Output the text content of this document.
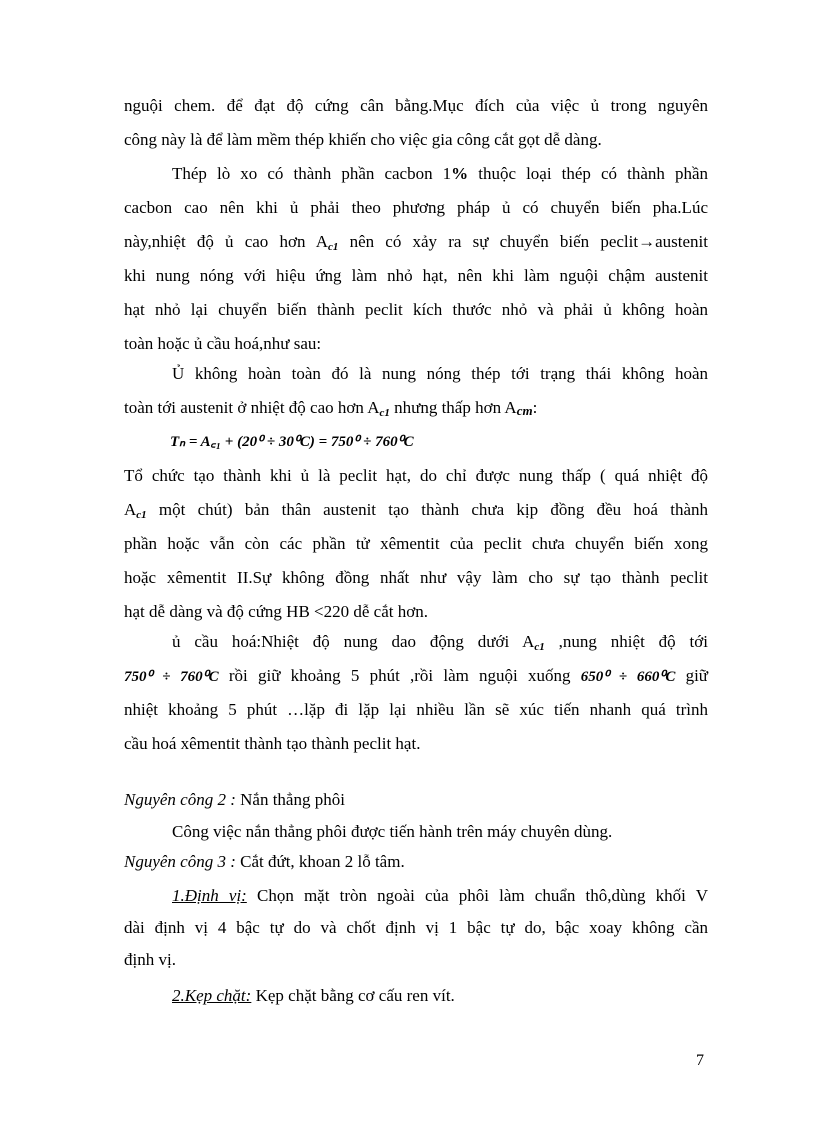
nguội chem. để đạt độ cứng cân bằng.Mục đích của việc ủ trong nguyên
công này là để làm mềm thép khiến cho việc gia công cắt gọt dễ dàng.
Thép lò xo có thành phần cacbon 1% thuộc loại thép có thành phần
cacbon cao nên khi ủ phải theo phương pháp ủ có chuyển biến pha.Lúc
này,nhiệt độ ủ cao hơn $A_{c1}$ nên có xảy ra sự chuyển biến peclit→austenit
khi nung nóng với hiệu ứng làm nhỏ hạt, nên khi làm nguội chậm austenit
hạt nhỏ lại chuyển biến thành peclit kích thước nhỏ và phải ủ không hoàn
toàn hoặc ủ cầu hoá,như sau:
Ủ không hoàn toàn đó là nung nóng thép tới trạng thái không hoàn
toàn tới austenit ở nhiệt độ cao hơn $A_{c1}$ nhưng thấp hơn Acm:
Tₙ = A꜀₁ + (20⁰ ÷ 30⁰C) = 750⁰ ÷ 760⁰C
Tổ chức tạo thành khi ủ là peclit hạt, do chỉ được nung thấp ( quá nhiệt độ
$A_{c1}$ một chút) bản thân austenit tạo thành chưa kịp đồng đều hoá thành
phần hoặc vẫn còn các phần tử xêmentit của peclit chưa chuyển biến xong
hoặc xêmentit II.Sự không đồng nhất như vậy làm cho sự tạo thành peclit
hạt dễ dàng và độ cứng HB <220 dễ cắt hơn.
ủ cầu hoá:Nhiệt độ nung dao động dưới $A_{c1}$ ,nung nhiệt độ tới
750⁰ ÷ 760⁰C rồi giữ khoảng 5 phút ,rồi làm nguội xuống 650⁰ ÷ 660⁰C giữ
nhiệt khoảng 5 phút …lặp đi lặp lại nhiều lần sẽ xúc tiến nhanh quá trình
cầu hoá xêmentit thành tạo thành peclit hạt.
Nguyên công 2 : Nắn thẳng phôi
Công việc nắn thẳng phôi được tiến hành trên máy chuyên dùng.
Nguyên công 3 : Cắt đứt, khoan 2 lỗ tâm.
1.Định vị: Chọn mặt tròn ngoài của phôi làm chuẩn thô,dùng khối V
dài định vị 4 bậc tự do và chốt định vị 1 bậc tự do, bậc xoay không cần
định vị.
2.Kẹp chặt: Kẹp chặt bằng cơ cấu ren vít.
7
